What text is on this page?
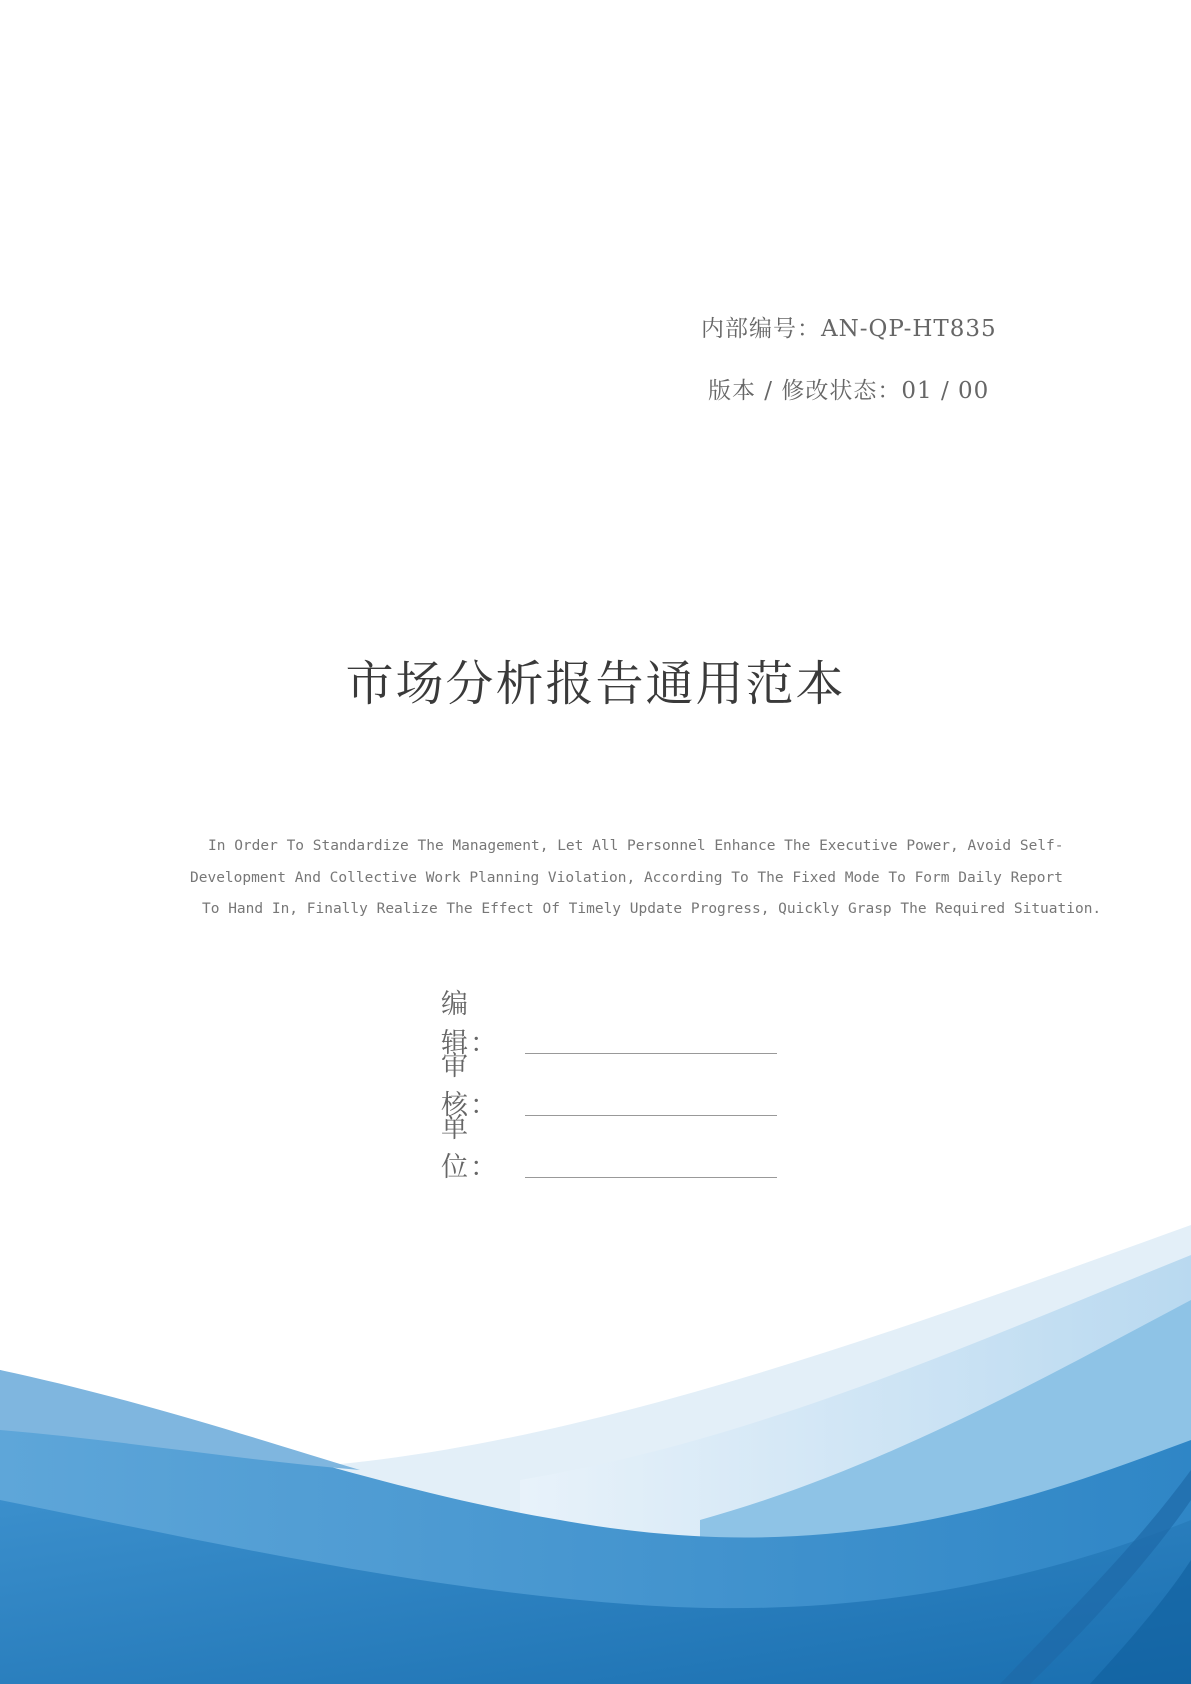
内部编号：AN-QP-HT835
版本 / 修改状态：01 / 00
市场分析报告通用范本
In Order To Standardize The Management, Let All Personnel Enhance The Executive Power, Avoid Self-
Development And Collective Work Planning Violation, According To The Fixed Mode To Form Daily Report
To Hand In, Finally Realize The Effect Of Timely Update Progress, Quickly Grasp The Required Situation.
编辑：
审核：
单位：
